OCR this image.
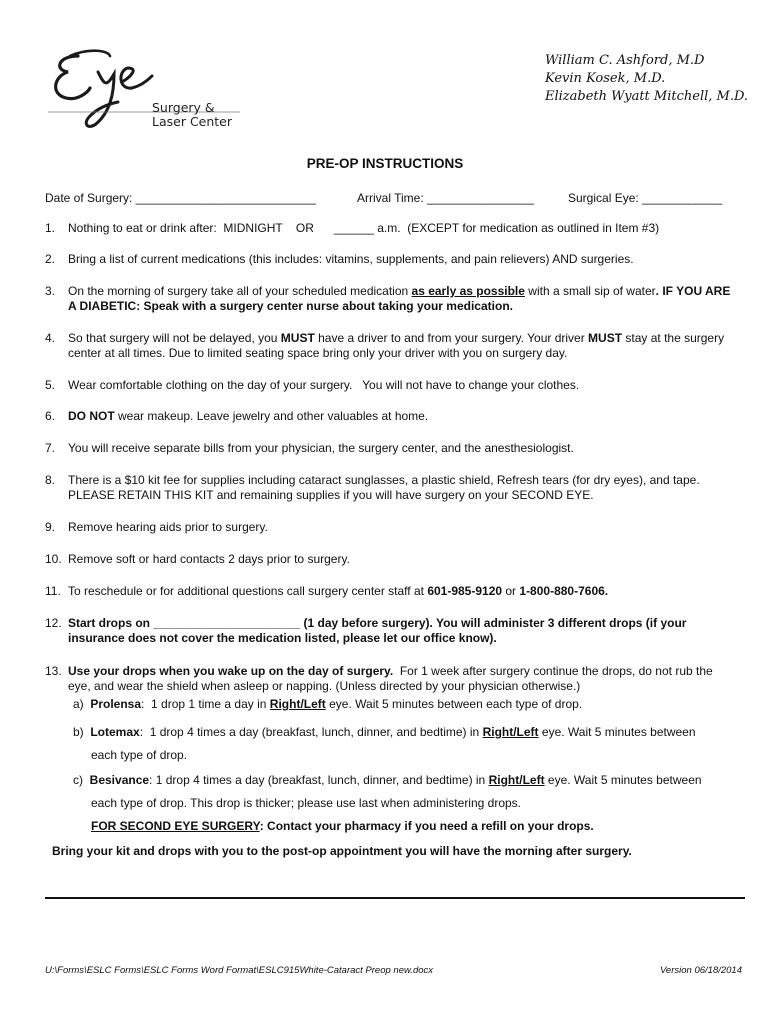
Surgery &
Laser Center
William C. Ashford, M.D
Kevin Kosek, M.D.
Elizabeth Wyatt Mitchell, M.D.
PRE-OP INSTRUCTIONS
Date of Surgery: ___________________________	Arrival Time: ________________	Surgical Eye: ____________
1. Nothing to eat or drink after:  MIDNIGHT    OR      ______ a.m.  (EXCEPT for medication as outlined in Item #3)
2. Bring a list of current medications (this includes: vitamins, supplements, and pain relievers) AND surgeries.
3. On the morning of surgery take all of your scheduled medication as early as possible with a small sip of water. IF YOU ARE A DIABETIC: Speak with a surgery center nurse about taking your medication.
4. So that surgery will not be delayed, you MUST have a driver to and from your surgery. Your driver MUST stay at the surgery center at all times. Due to limited seating space bring only your driver with you on surgery day.
5. Wear comfortable clothing on the day of your surgery.   You will not have to change your clothes.
6. DO NOT wear makeup. Leave jewelry and other valuables at home.
7. You will receive separate bills from your physician, the surgery center, and the anesthesiologist.
8. There is a $10 kit fee for supplies including cataract sunglasses, a plastic shield, Refresh tears (for dry eyes), and tape. PLEASE RETAIN THIS KIT and remaining supplies if you will have surgery on your SECOND EYE.
9. Remove hearing aids prior to surgery.
10. Remove soft or hard contacts 2 days prior to surgery.
11. To reschedule or for additional questions call surgery center staff at 601-985-9120 or 1-800-880-7606.
12. Start drops on ______________________ (1 day before surgery). You will administer 3 different drops (if your insurance does not cover the medication listed, please let our office know).
13. Use your drops when you wake up on the day of surgery.  For 1 week after surgery continue the drops, do not rub the eye, and wear the shield when asleep or napping. (Unless directed by your physician otherwise.)
a) Prolensa:  1 drop 1 time a day in Right/Left eye. Wait 5 minutes between each type of drop.
b) Lotemax:  1 drop 4 times a day (breakfast, lunch, dinner, and bedtime) in Right/Left eye. Wait 5 minutes between
each type of drop.
c) Besivance: 1 drop 4 times a day (breakfast, lunch, dinner, and bedtime) in Right/Left eye. Wait 5 minutes between
each type of drop. This drop is thicker; please use last when administering drops.
FOR SECOND EYE SURGERY: Contact your pharmacy if you need a refill on your drops.
Bring your kit and drops with you to the post-op appointment you will have the morning after surgery.
U:\Forms\ESLC Forms\ESLC Forms Word Format\ESLC915White-Cataract Preop new.docx	Version 06/18/2014
